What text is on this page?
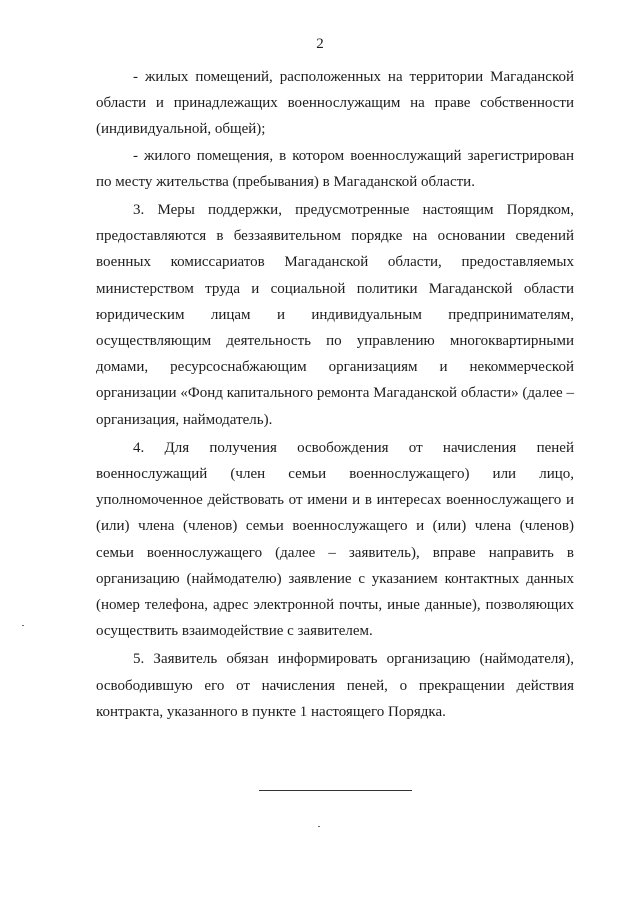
2

- жилых помещений, расположенных на территории Магаданской области и принадлежащих военнослужащим на праве собственности (индивидуальной, общей);

- жилого помещения, в котором военнослужащий зарегистрирован по месту жительства (пребывания) в Магаданской области.

3. Меры поддержки, предусмотренные настоящим Порядком, предоставляются в беззаявительном порядке на основании сведений военных комиссариатов Магаданской области, предоставляемых министерством труда и социальной политики Магаданской области юридическим лицам и индивидуальным предпринимателям, осуществляющим деятельность по управлению многоквартирными домами, ресурсоснабжающим организациям и некоммерческой организации «Фонд капитального ремонта Магаданской области» (далее – организация, наймодатель).

4. Для получения освобождения от начисления пеней военнослужащий (член семьи военнослужащего) или лицо, уполномоченное действовать от имени и в интересах военнослужащего и (или) члена (членов) семьи военнослужащего и (или) члена (членов) семьи военнослужащего (далее – заявитель), вправе направить в организацию (наймодателю) заявление с указанием контактных данных (номер телефона, адрес электронной почты, иные данные), позволяющих осуществить взаимодействие с заявителем.

5. Заявитель обязан информировать организацию (наймодателя), освободившую его от начисления пеней, о прекращении действия контракта, указанного в пункте 1 настоящего Порядка.
